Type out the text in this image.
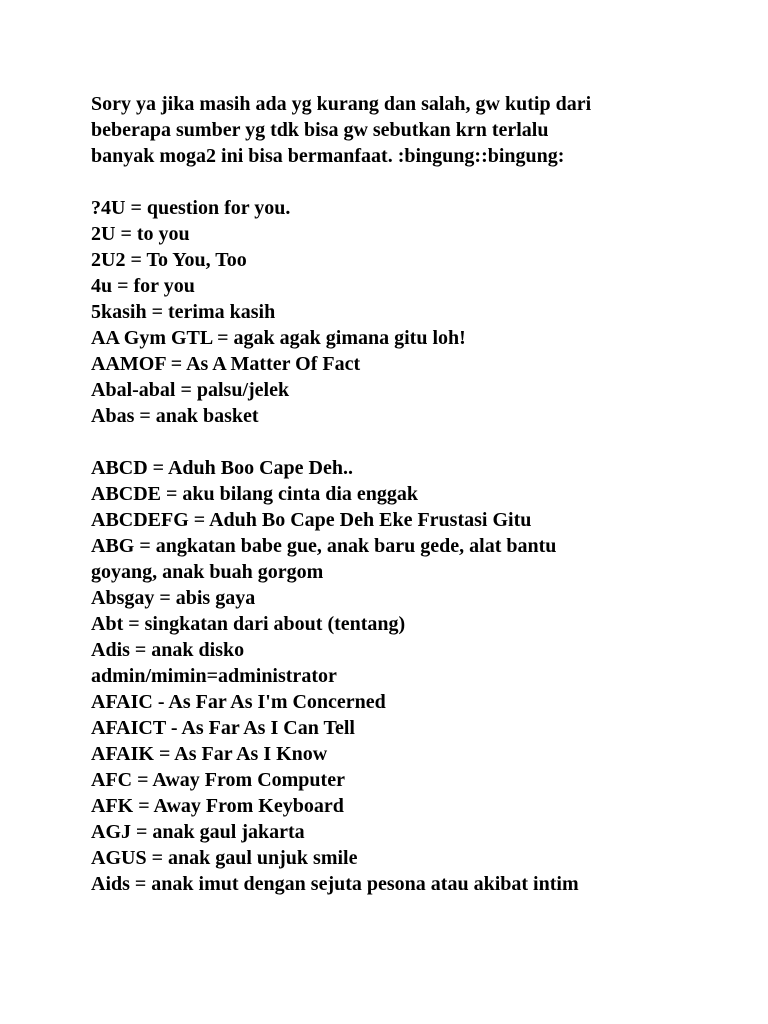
Sory ya jika masih ada yg kurang dan salah, gw kutip dari
beberapa sumber yg tdk bisa gw sebutkan krn terlalu
banyak moga2 ini bisa bermanfaat. :bingung::bingung:
?4U = question for you.
2U = to you
2U2 = To You, Too
4u = for you
5kasih = terima kasih
AA Gym GTL = agak agak gimana gitu loh!
AAMOF = As A Matter Of Fact
Abal-abal = palsu/jelek
Abas = anak basket
ABCD = Aduh Boo Cape Deh..
ABCDE = aku bilang cinta dia enggak
ABCDEFG = Aduh Bo Cape Deh Eke Frustasi Gitu
ABG = angkatan babe gue, anak baru gede, alat bantu
goyang, anak buah gorgom
Absgay = abis gaya
Abt = singkatan dari about (tentang)
Adis = anak disko
admin/mimin=administrator
AFAIC - As Far As I'm Concerned
AFAICT - As Far As I Can Tell
AFAIK = As Far As I Know
AFC = Away From Computer
AFK = Away From Keyboard
AGJ = anak gaul jakarta
AGUS = anak gaul unjuk smile
Aids = anak imut dengan sejuta pesona atau akibat intim
